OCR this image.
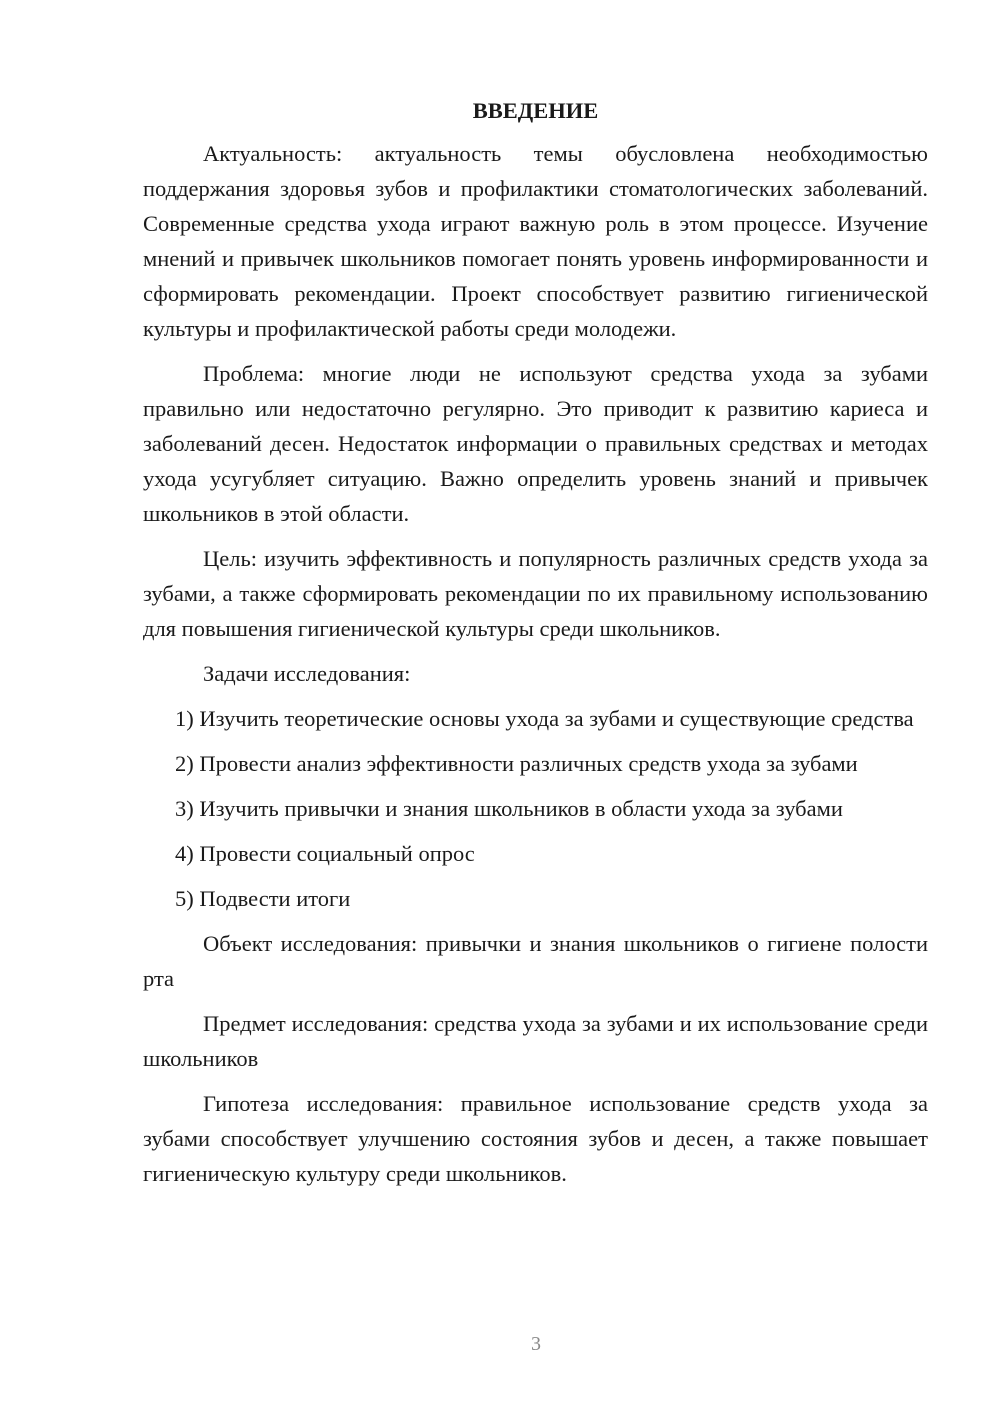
ВВЕДЕНИЕ

Актуальность: актуальность темы обусловлена необходимостью поддержания здоровья зубов и профилактики стоматологических заболеваний. Современные средства ухода играют важную роль в этом процессе. Изучение мнений и привычек школьников помогает понять уровень информированности и сформировать рекомендации. Проект способствует развитию гигиенической культуры и профилактической работы среди молодежи.

Проблема: многие люди не используют средства ухода за зубами правильно или недостаточно регулярно. Это приводит к развитию кариеса и заболеваний десен. Недостаток информации о правильных средствах и методах ухода усугубляет ситуацию. Важно определить уровень знаний и привычек школьников в этой области.

Цель: изучить эффективность и популярность различных средств ухода за зубами, а также сформировать рекомендации по их правильному использованию для повышения гигиенической культуры среди школьников.

Задачи исследования:

1) Изучить теоретические основы ухода за зубами и существующие средства

2) Провести анализ эффективности различных средств ухода за зубами

3) Изучить привычки и знания школьников в области ухода за зубами

4) Провести социальный опрос

5) Подвести итоги

Объект исследования: привычки и знания школьников о гигиене полости рта

Предмет исследования: средства ухода за зубами и их использование среди школьников

Гипотеза исследования: правильное использование средств ухода за зубами способствует улучшению состояния зубов и десен, а также повышает гигиеническую культуру среди школьников.

3
